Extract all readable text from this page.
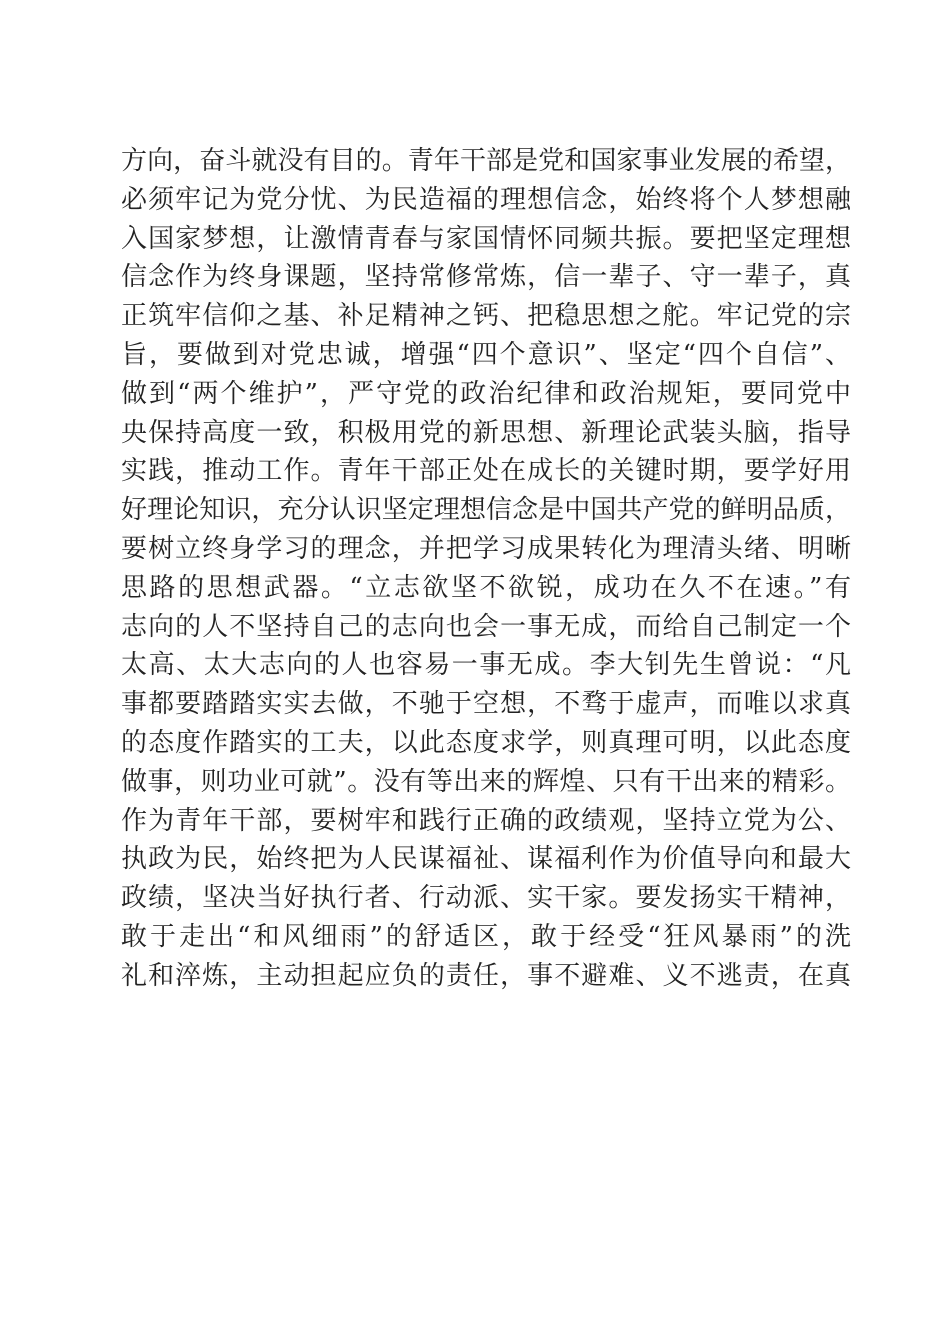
方向，奋斗就没有目的。青年干部是党和国家事业发展的希望，
必须牢记为党分忧、为民造福的理想信念，始终将个人梦想融
入国家梦想，让激情青春与家国情怀同频共振。要把坚定理想
信念作为终身课题，坚持常修常炼，信一辈子、守一辈子，真
正筑牢信仰之基、补足精神之钙、把稳思想之舵。牢记党的宗
旨，要做到对党忠诚，增强“四个意识”、坚定“四个自信”、
做到“两个维护”，严守党的政治纪律和政治规矩，要同党中
央保持高度一致，积极用党的新思想、新理论武装头脑，指导
实践，推动工作。青年干部正处在成长的关键时期，要学好用
好理论知识，充分认识坚定理想信念是中国共产党的鲜明品质，
要树立终身学习的理念，并把学习成果转化为理清头绪、明晰
思路的思想武器。“立志欲坚不欲锐，成功在久不在速。”有
志向的人不坚持自己的志向也会一事无成，而给自己制定一个
太高、太大志向的人也容易一事无成。李大钊先生曾说：“凡
事都要踏踏实实去做，不驰于空想，不骛于虚声，而唯以求真
的态度作踏实的工夫，以此态度求学，则真理可明，以此态度
做事，则功业可就”。没有等出来的辉煌、只有干出来的精彩。
作为青年干部，要树牢和践行正确的政绩观，坚持立党为公、
执政为民，始终把为人民谋福祉、谋福利作为价值导向和最大
政绩，坚决当好执行者、行动派、实干家。要发扬实干精神，
敢于走出“和风细雨”的舒适区，敢于经受“狂风暴雨”的洗
礼和淬炼，主动担起应负的责任，事不避难、义不逃责，在真
